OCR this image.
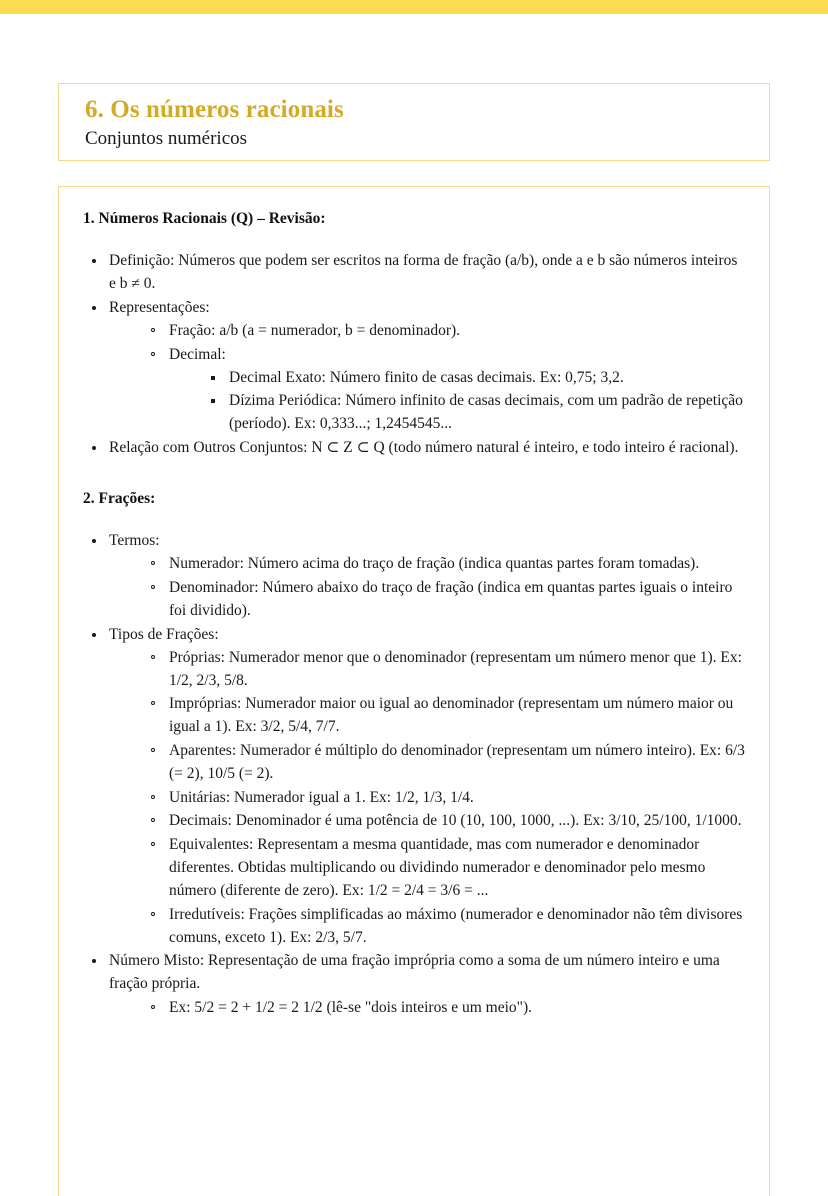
6. Os números racionais
Conjuntos numéricos
1. Números Racionais (Q) – Revisão:
Definição: Números que podem ser escritos na forma de fração (a/b), onde a e b são números inteiros e b ≠ 0.
Representações:
Fração: a/b (a = numerador, b = denominador).
Decimal:
Decimal Exato: Número finito de casas decimais. Ex: 0,75; 3,2.
Dízima Periódica: Número infinito de casas decimais, com um padrão de repetição (período). Ex: 0,333...; 1,2454545...
Relação com Outros Conjuntos: N ⊂ Z ⊂ Q (todo número natural é inteiro, e todo inteiro é racional).
2. Frações:
Termos:
Numerador: Número acima do traço de fração (indica quantas partes foram tomadas).
Denominador: Número abaixo do traço de fração (indica em quantas partes iguais o inteiro foi dividido).
Tipos de Frações:
Próprias: Numerador menor que o denominador (representam um número menor que 1). Ex: 1/2, 2/3, 5/8.
Impróprias: Numerador maior ou igual ao denominador (representam um número maior ou igual a 1). Ex: 3/2, 5/4, 7/7.
Aparentes: Numerador é múltiplo do denominador (representam um número inteiro). Ex: 6/3 (= 2), 10/5 (= 2).
Unitárias: Numerador igual a 1. Ex: 1/2, 1/3, 1/4.
Decimais: Denominador é uma potência de 10 (10, 100, 1000, ...). Ex: 3/10, 25/100, 1/1000.
Equivalentes: Representam a mesma quantidade, mas com numerador e denominador diferentes. Obtidas multiplicando ou dividindo numerador e denominador pelo mesmo número (diferente de zero). Ex: 1/2 = 2/4 = 3/6 = ...
Irredutíveis: Frações simplificadas ao máximo (numerador e denominador não têm divisores comuns, exceto 1). Ex: 2/3, 5/7.
Número Misto: Representação de uma fração imprópria como a soma de um número inteiro e uma fração própria.
Ex: 5/2 = 2 + 1/2 = 2 1/2 (lê-se "dois inteiros e um meio").
